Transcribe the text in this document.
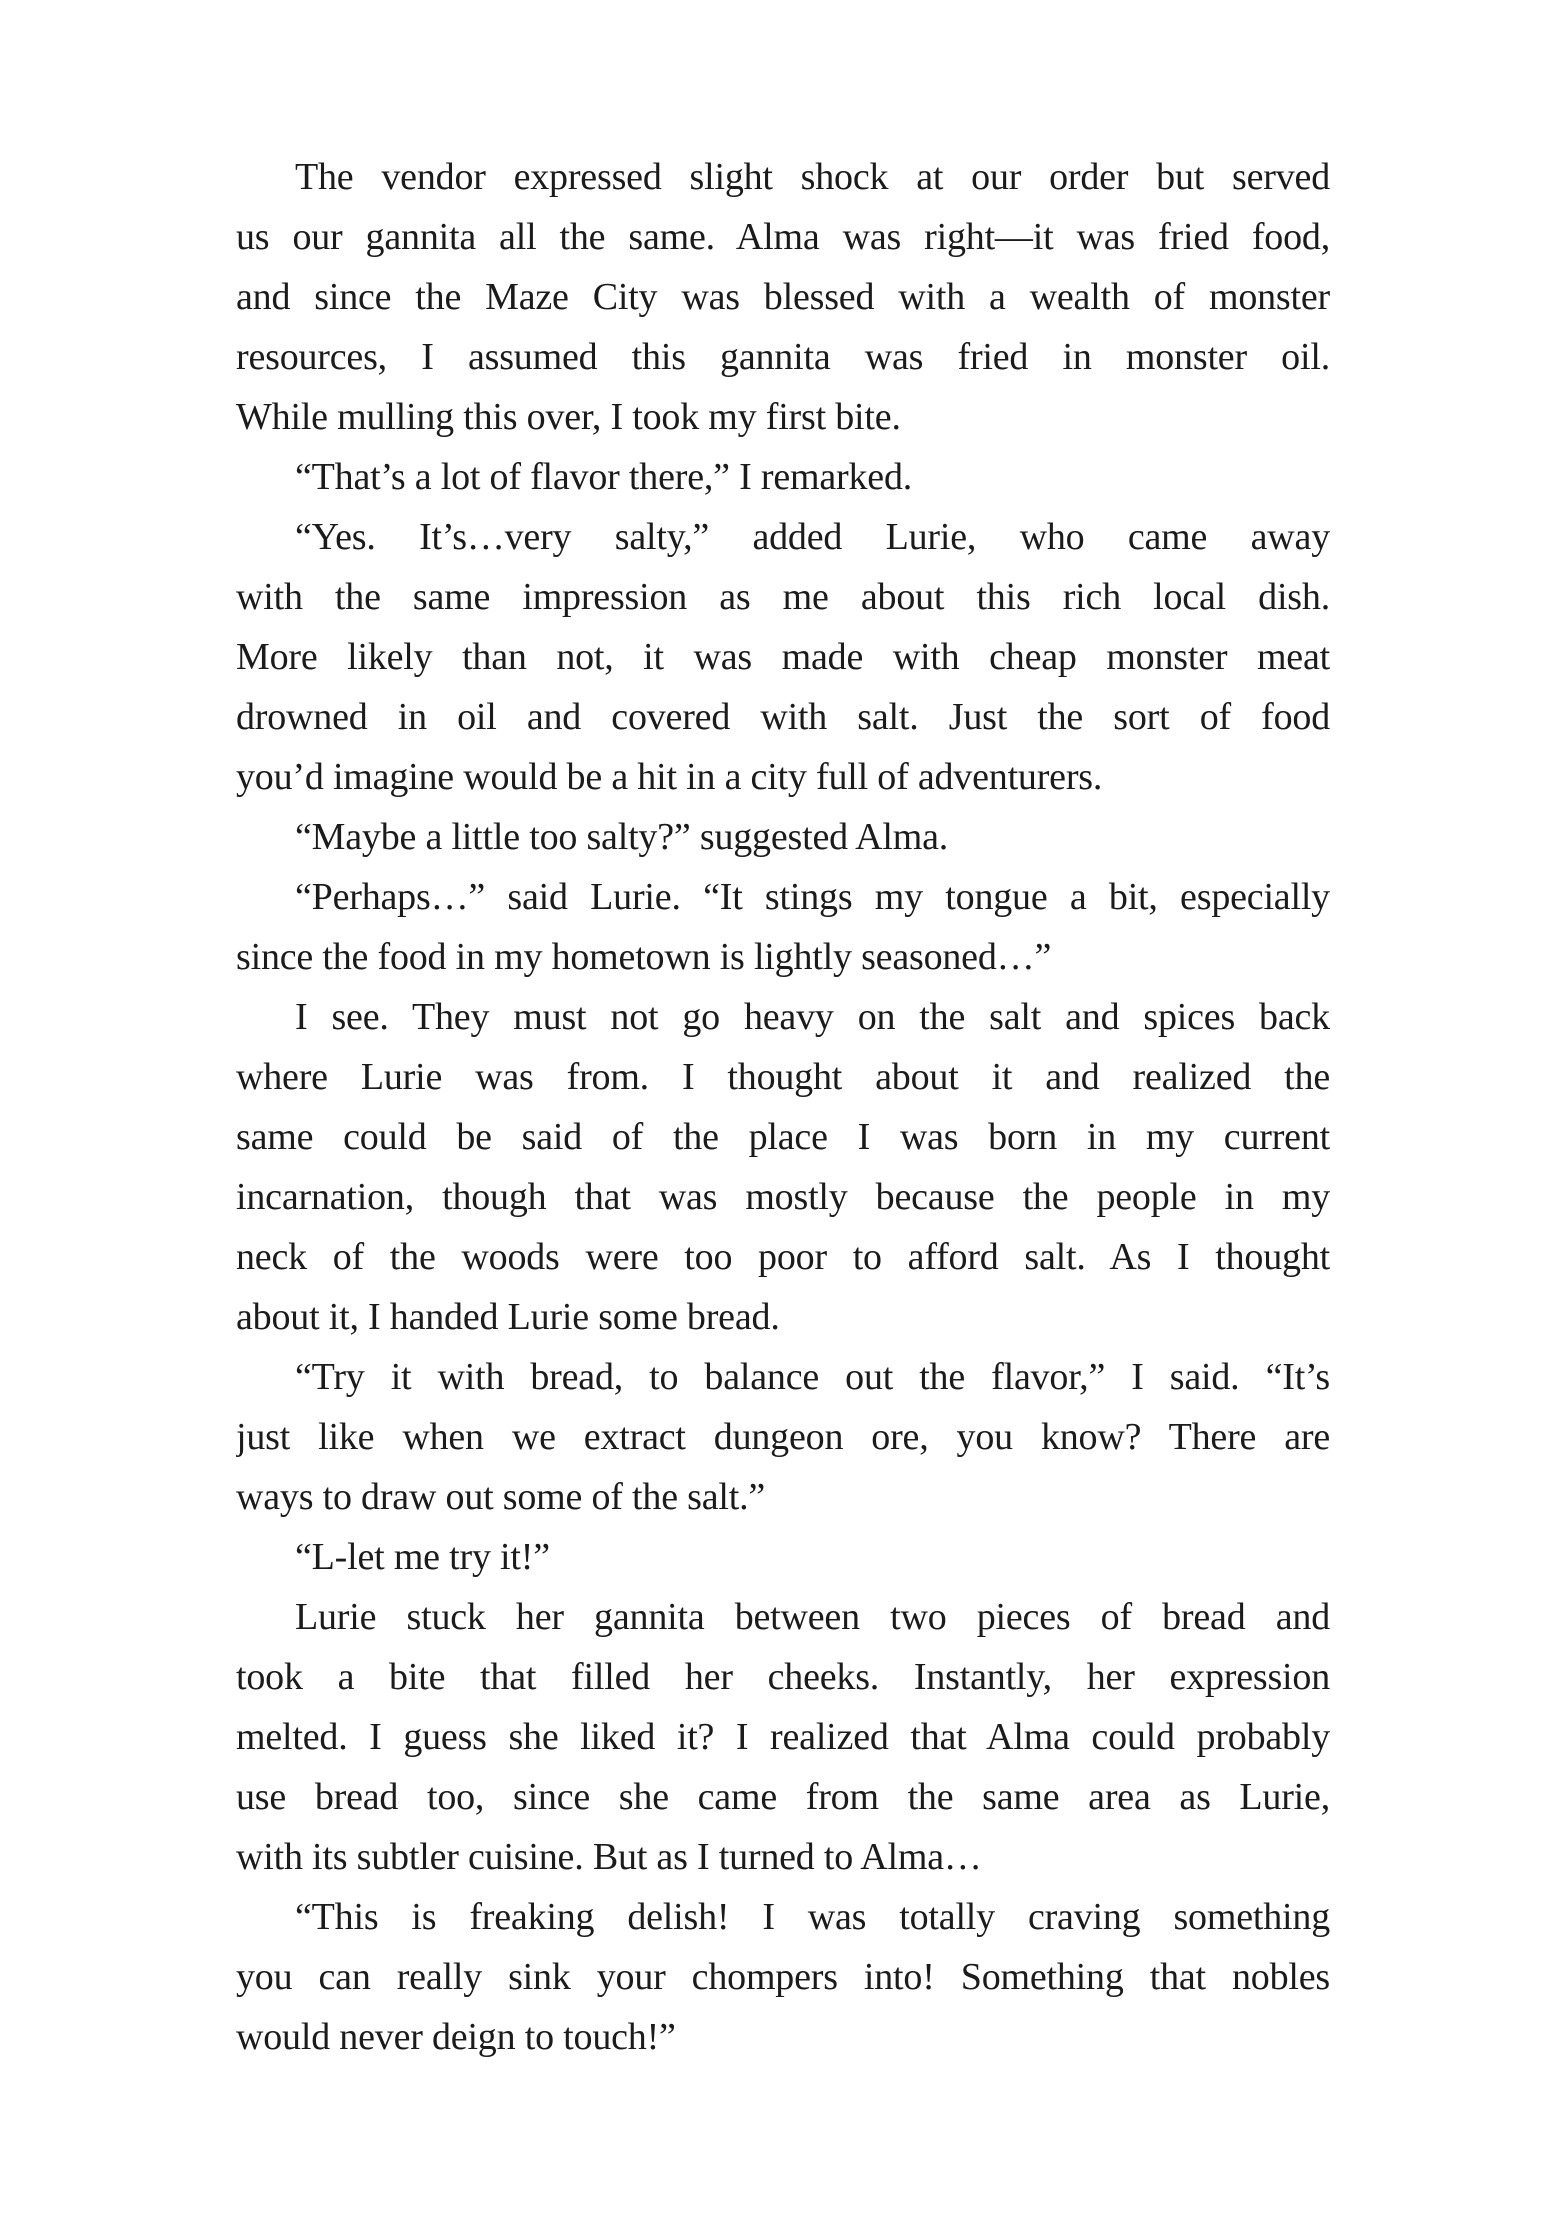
The vendor expressed slight shock at our order but served
us our gannita all the same. Alma was right—it was fried food,
and since the Maze City was blessed with a wealth of monster
resources, I assumed this gannita was fried in monster oil.
While mulling this over, I took my first bite.
“That’s a lot of flavor there,” I remarked.
“Yes. It’s…very salty,” added Lurie, who came away
with the same impression as me about this rich local dish.
More likely than not, it was made with cheap monster meat
drowned in oil and covered with salt. Just the sort of food
you’d imagine would be a hit in a city full of adventurers.
“Maybe a little too salty?” suggested Alma.
“Perhaps…” said Lurie. “It stings my tongue a bit, especially
since the food in my hometown is lightly seasoned…”
I see. They must not go heavy on the salt and spices back
where Lurie was from. I thought about it and realized the
same could be said of the place I was born in my current
incarnation, though that was mostly because the people in my
neck of the woods were too poor to afford salt. As I thought
about it, I handed Lurie some bread.
“Try it with bread, to balance out the flavor,” I said. “It’s
just like when we extract dungeon ore, you know? There are
ways to draw out some of the salt.”
“L-let me try it!”
Lurie stuck her gannita between two pieces of bread and
took a bite that filled her cheeks. Instantly, her expression
melted. I guess she liked it? I realized that Alma could probably
use bread too, since she came from the same area as Lurie,
with its subtler cuisine. But as I turned to Alma…
“This is freaking delish! I was totally craving something
you can really sink your chompers into! Something that nobles
would never deign to touch!”
